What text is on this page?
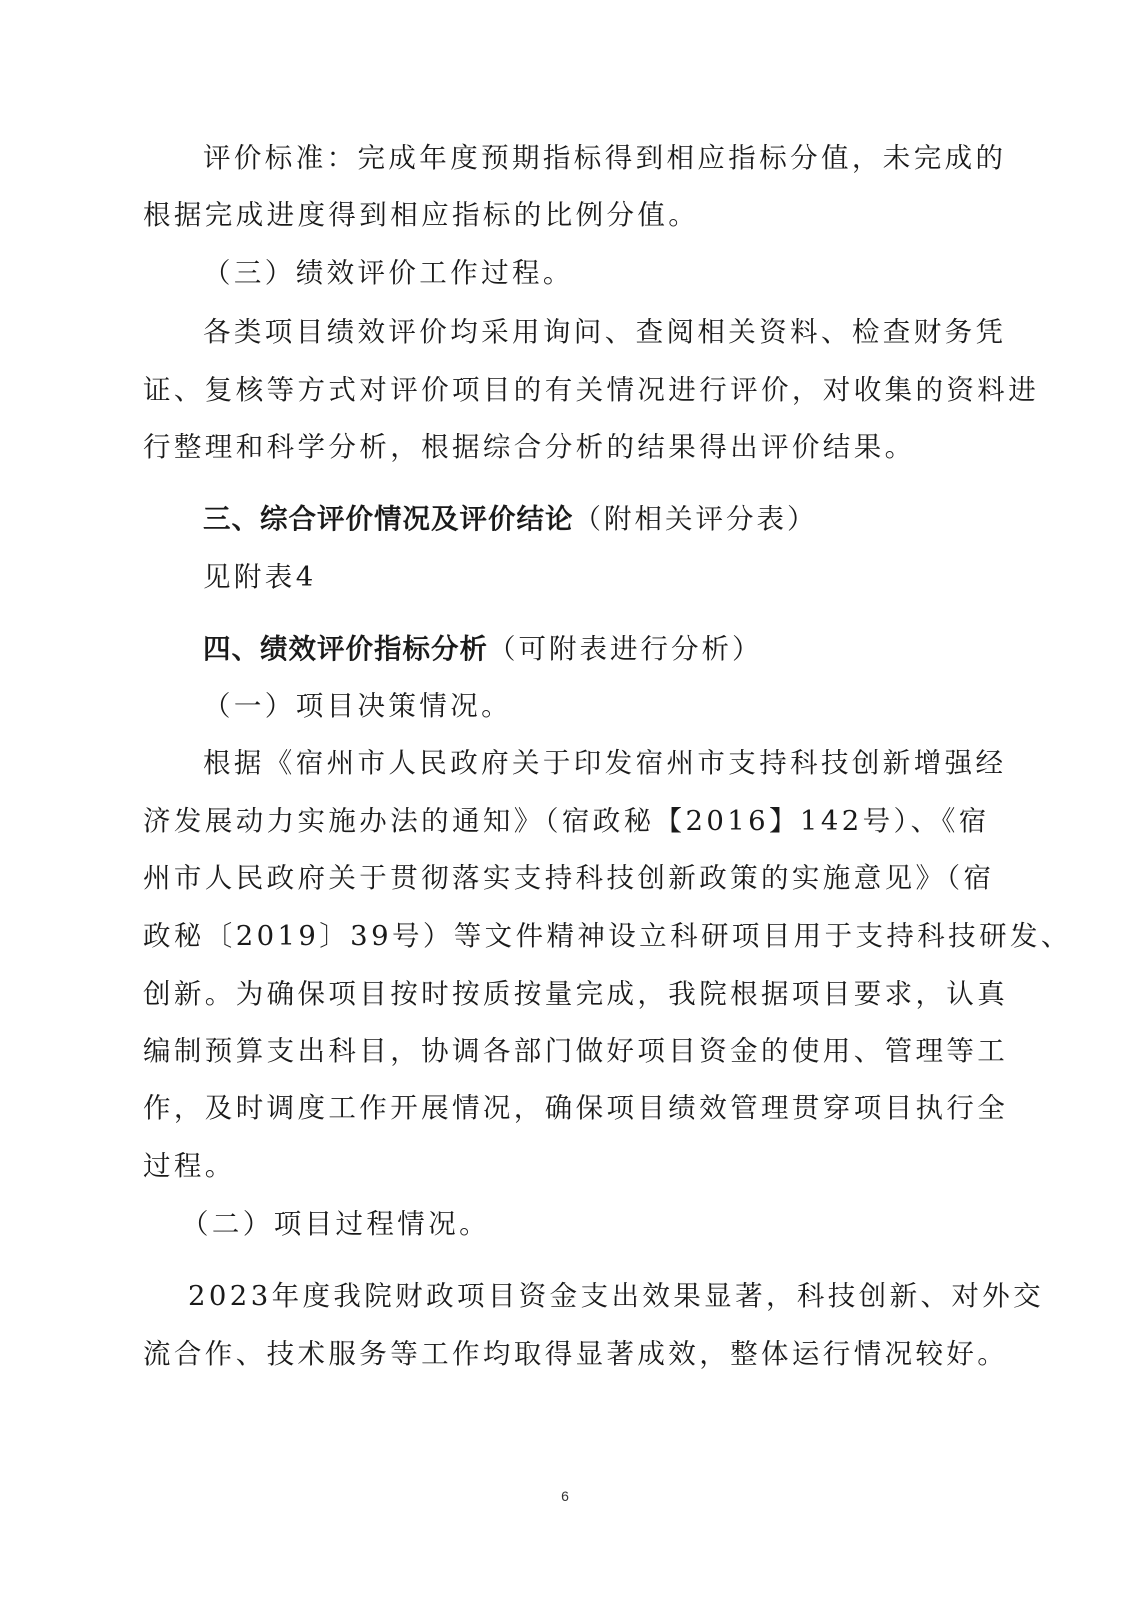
评价标准：完成年度预期指标得到相应指标分值，未完成的
根据完成进度得到相应指标的比例分值。
（三）绩效评价工作过程。
各类项目绩效评价均采用询问、查阅相关资料、检查财务凭
证、复核等方式对评价项目的有关情况进行评价，对收集的资料进
行整理和科学分析，根据综合分析的结果得出评价结果。
三、综合评价情况及评价结论（附相关评分表）
见附表4
四、绩效评价指标分析（可附表进行分析）
（一）项目决策情况。
根据《宿州市人民政府关于印发宿州市支持科技创新增强经
济发展动力实施办法的通知》（宿政秘【2016】142号）、《宿
州市人民政府关于贯彻落实支持科技创新政策的实施意见》（宿
政秘〔2019〕39号）等文件精神设立科研项目用于支持科技研发、
创新。为确保项目按时按质按量完成，我院根据项目要求，认真
编制预算支出科目，协调各部门做好项目资金的使用、管理等工
作，及时调度工作开展情况，确保项目绩效管理贯穿项目执行全
过程。
（二）项目过程情况。
2023年度我院财政项目资金支出效果显著，科技创新、对外交
流合作、技术服务等工作均取得显著成效，整体运行情况较好。
6
